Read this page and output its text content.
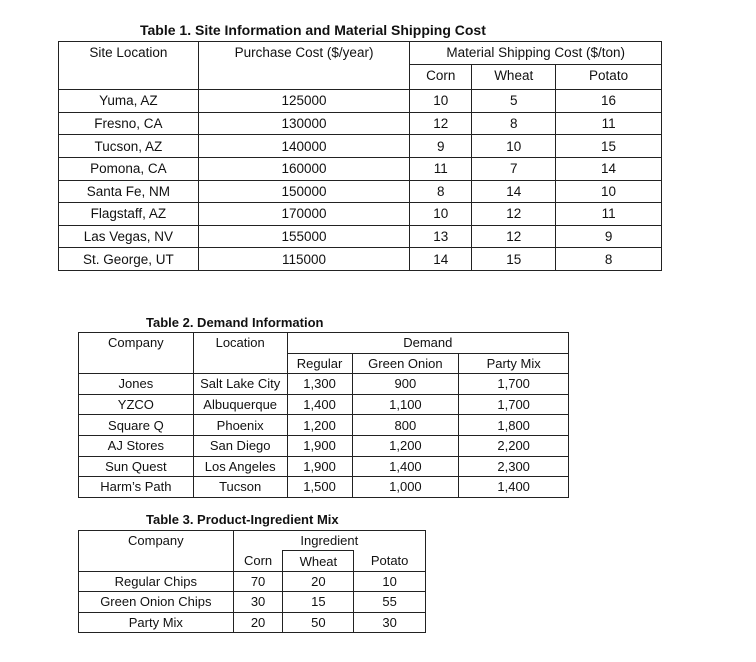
Table 1. Site Information and Material Shipping Cost
Site Location	Purchase Cost ($/year)	Material Shipping Cost ($/ton)		
		Corn	Wheat	Potato

Yuma, AZ	125000	10	5	16
Fresno, CA	130000	12	8	11
Tucson, AZ	140000	9	10	15
Pomona, CA	160000	11	7	14
Santa Fe, NM	150000	8	14	10
Flagstaff, AZ	170000	10	12	11
Las Vegas, NV	155000	13	12	9
St. George, UT	115000	14	15	8
Table 2. Demand Information
Company	Location	Demand		
		Regular	Green Onion	Party Mix
Jones	Salt Lake City	1,300	900	1,700
YZCO	Albuquerque	1,400	1,100	1,700
Square Q	Phoenix	1,200	800	1,800
AJ Stores	San Diego	1,900	1,200	2,200
Sun Quest	Los Angeles	1,900	1,400	2,300
Harm’s Path	Tucson	1,500	1,000	1,400
Table 3. Product-Ingredient Mix
Company	Ingredient		
	Corn	Wheat	Potato
Regular Chips	70	20	10
Green Onion Chips	30	15	55
Party Mix	20	50	30
